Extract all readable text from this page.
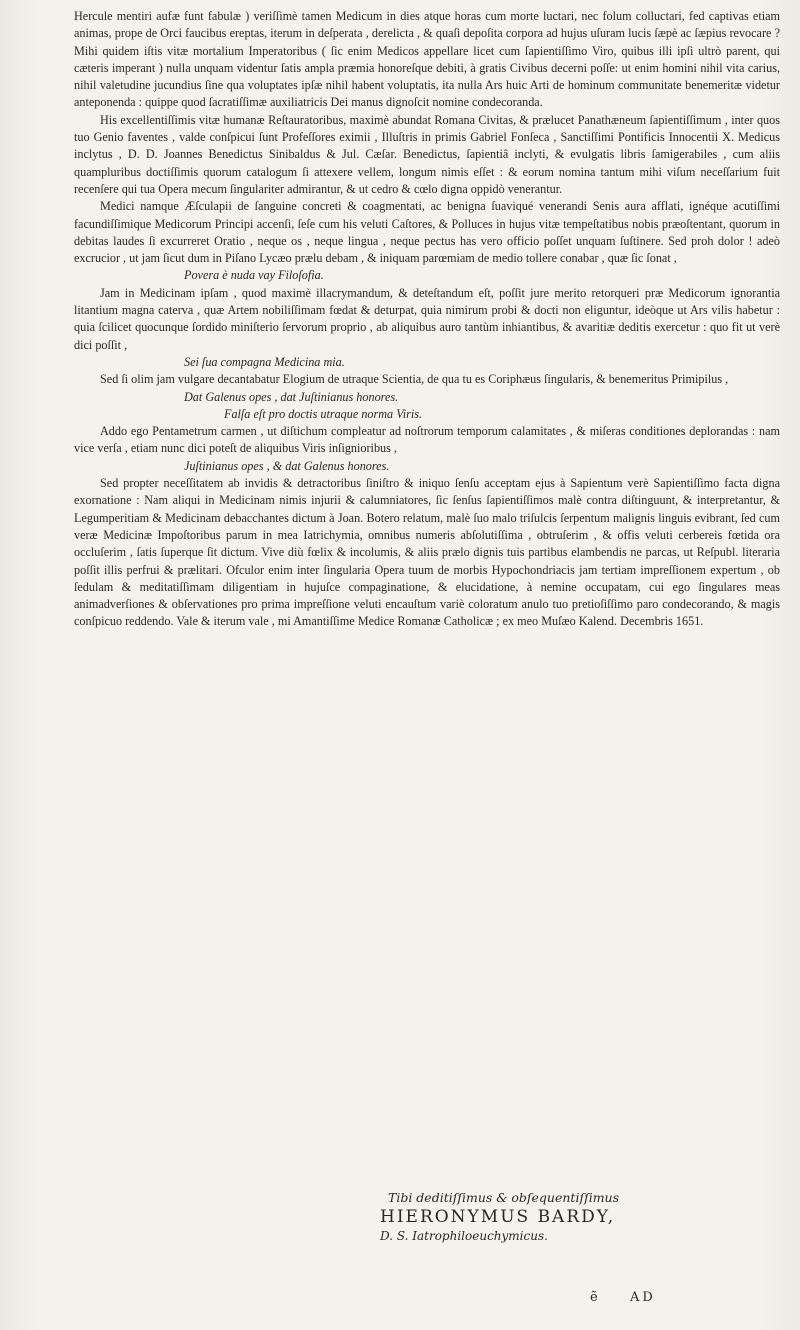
Hercule mentiri aufæ funt fabulæ ) veriſſimè tamen Medicum in dies atque horas cum morte luctari, nec folum colluctari, fed captivas etiam animas, prope de Orci faucibus ereptas, iterum in deſperata , derelicta , & quaſi depoſita corpora ad hujus uſuram lucis ſæpè ac ſæpius revocare ? Mihi quidem iſtis vitæ mortalium Imperatoribus ( ſic enim Medicos appellare licet cum ſapientiſſimo Viro, quibus illi ipſi ultrò parent, qui cæteris imperant ) nulla unquam videntur ſatis ampla præmia honoreſque debiti, à gratis Civibus decerni poſſe: ut enim homini nihil vita carius, nihil valetudine jucundius ſine qua voluptates ipſæ nihil habent voluptatis, ita nulla Ars huic Arti de hominum communitate benemeritæ videtur anteponenda : quippe quod ſacratiſſimæ auxiliatricis Dei manus dignoſcit nomine condecoranda.

His excellentiſſimis vitæ humanæ Reſtauratoribus, maximè abundat Romana Civitas, & prælucet Panathæneum ſapientiſſimum , inter quos tuo Genio faventes , valde conſpicui ſunt Profeſſores eximii , Illuſtris in primis Gabriel Fonſeca , Sanctiſſimi Pontificis Innocentii X. Medicus inclytus , D. D. Joannes Benedictus Sinibaldus & Jul. Cæſar. Benedictus, ſapientiâ inclyti, & evulgatis libris ſamigerabiles , cum aliis quampluribus doctiſſimis quorum catalogum ſi attexere vellem, longum nimis eſſet : & eorum nomina tantum mihi viſum neceſſarium fuit recenſere qui tua Opera mecum ſingulariter admirantur, & ut cedro & cœlo digna oppidò venerantur.

Medici namque Æſculapii de ſanguine concreti & coagmentati, ac benigna ſuaviqué venerandi Senis aura afflati, ignéque acutiſſimi facundiſſimique Medicorum Principi accenſi, ſeſe cum his veluti Caſtores, & Polluces in hujus vitæ tempeſtatibus nobis præoſtentant, quorum in debitas laudes ſi excurreret Oratio , neque os , neque lingua , neque pectus has vero officio poſſet unquam ſuſtinere. Sed proh dolor ! adeò excrucior , ut jam ſicut dum in Piſano Lycæo prælu debam , & iniquam parœmiam de medio tollere conabar , quæ ſic ſonat ,

Povera è nuda vay Filoſofia.

Jam in Medicinam ipſam , quod maximè illacrymandum, & deteſtandum eſt, poſſit jure merito retorqueri præ Medicorum ignorantia litantium magna caterva , quæ Artem nobiliſſimam fœdat & deturpat, quia nimirum probi & docti non eliguntur, ideòque ut Ars vilis habetur : quia ſcilicet quocunque ſordido miniſterio ſervorum proprio , ab aliquibus auro tantùm inhiantibus, & avaritiæ deditis exercetur : quo fit ut verè dici poſſit ,

Sei ſua compagna Medicina mia.

Sed ſi olim jam vulgare decantabatur Elogium de utraque Scientia, de qua tu es Coriphæus ſingularis, & benemeritus Primipilus ,

Dat Galenus opes , dat Juſtinianus honores.

Falſa eſt pro doctis utraque norma Viris.

Addo ego Pentametrum carmen , ut diſtichum compleatur ad noſtrorum temporum calamitates , & miſeras conditiones deplorandas : nam vice verſa , etiam nunc dici poteſt de aliquibus Viris inſignioribus ,

Juſtinianus opes , & dat Galenus honores.

Sed propter neceſſitatem ab invidis & detractoribus ſiniſtro & iniquo ſenſu acceptam ejus à Sapientum verè Sapientiſſimo facta digna exornatione : Nam aliqui in Medicinam nimis injurii & calumniatores, ſic ſenſus ſapientiſſimos malè contra diſtinguunt, & interpretantur, & Legumperitiam & Medicinam debacchantes dictum à Joan. Botero relatum, malè ſuo malo triſulcis ſerpentum malignis linguis evibrant, ſed cum veræ Medicinæ Impoſtoribus parum in mea Iatrichymia, omnibus numeris abſolutiſſima , obtruſerim , & offis veluti cerbereis fœtida ora occluſerim , ſatis ſuperque ſit dictum. Vive diù fœlix & incolumis, & aliis prælo dignis tuis partibus elambendis ne parcas, ut Reſpubl. literaria poſſit illis perfrui & prælitari. Ofculor enim inter ſingularia Opera tuum de morbis Hypochondriacis jam tertiam impreſſionem expertum , ob ſedulam & meditatiſſimam diligentiam in hujuſce compaginatione, & elucidatione, à nemine occupatam, cui ego ſingulares meas animadverſiones & obſervationes pro prima impreſſione veluti encauſtum variè coloratum anulo tuo pretioſiſſimo paro condecorando, & magis conſpicuo reddendo. Vale & iterum vale , mi Amantiſſime Medice Romanæ Catholicæ ; ex meo Muſæo Kalend. Decembris 1651.

Tibi deditiſſimus & obſequentiſſimus
HIERONYMUS BARDY,
D. S. Iatrophiloeuchymicus.
ẽ AD
